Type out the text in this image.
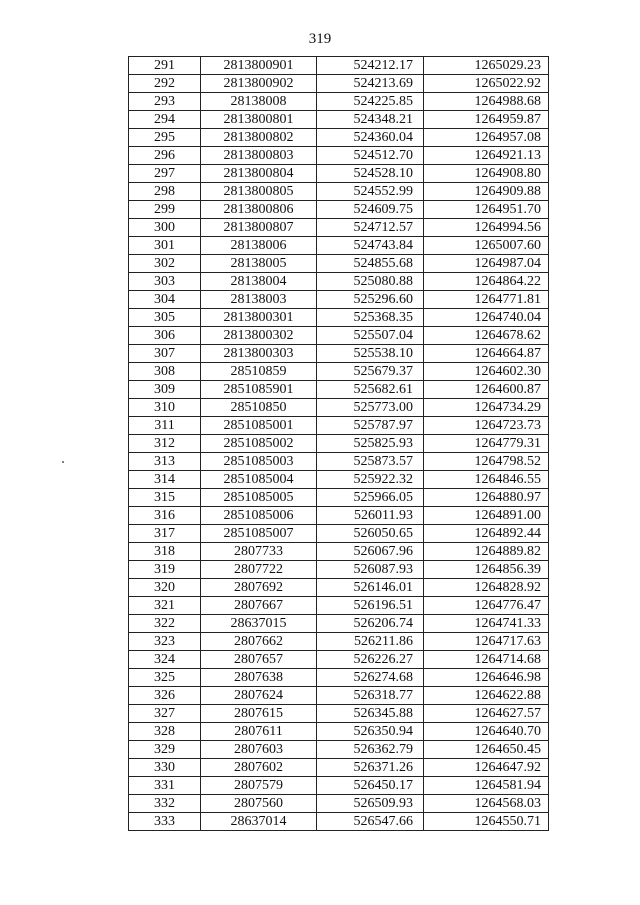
319
291	2813800901	524212.17	1265029.23
292	2813800902	524213.69	1265022.92
293	28138008	524225.85	1264988.68
294	2813800801	524348.21	1264959.87
295	2813800802	524360.04	1264957.08
296	2813800803	524512.70	1264921.13
297	2813800804	524528.10	1264908.80
298	2813800805	524552.99	1264909.88
299	2813800806	524609.75	1264951.70
300	2813800807	524712.57	1264994.56
301	28138006	524743.84	1265007.60
302	28138005	524855.68	1264987.04
303	28138004	525080.88	1264864.22
304	28138003	525296.60	1264771.81
305	2813800301	525368.35	1264740.04
306	2813800302	525507.04	1264678.62
307	2813800303	525538.10	1264664.87
308	28510859	525679.37	1264602.30
309	2851085901	525682.61	1264600.87
310	28510850	525773.00	1264734.29
311	2851085001	525787.97	1264723.73
312	2851085002	525825.93	1264779.31
313	2851085003	525873.57	1264798.52
314	2851085004	525922.32	1264846.55
315	2851085005	525966.05	1264880.97
316	2851085006	526011.93	1264891.00
317	2851085007	526050.65	1264892.44
318	2807733	526067.96	1264889.82
319	2807722	526087.93	1264856.39
320	2807692	526146.01	1264828.92
321	2807667	526196.51	1264776.47
322	28637015	526206.74	1264741.33
323	2807662	526211.86	1264717.63
324	2807657	526226.27	1264714.68
325	2807638	526274.68	1264646.98
326	2807624	526318.77	1264622.88
327	2807615	526345.88	1264627.57
328	2807611	526350.94	1264640.70
329	2807603	526362.79	1264650.45
330	2807602	526371.26	1264647.92
331	2807579	526450.17	1264581.94
332	2807560	526509.93	1264568.03
333	28637014	526547.66	1264550.71
